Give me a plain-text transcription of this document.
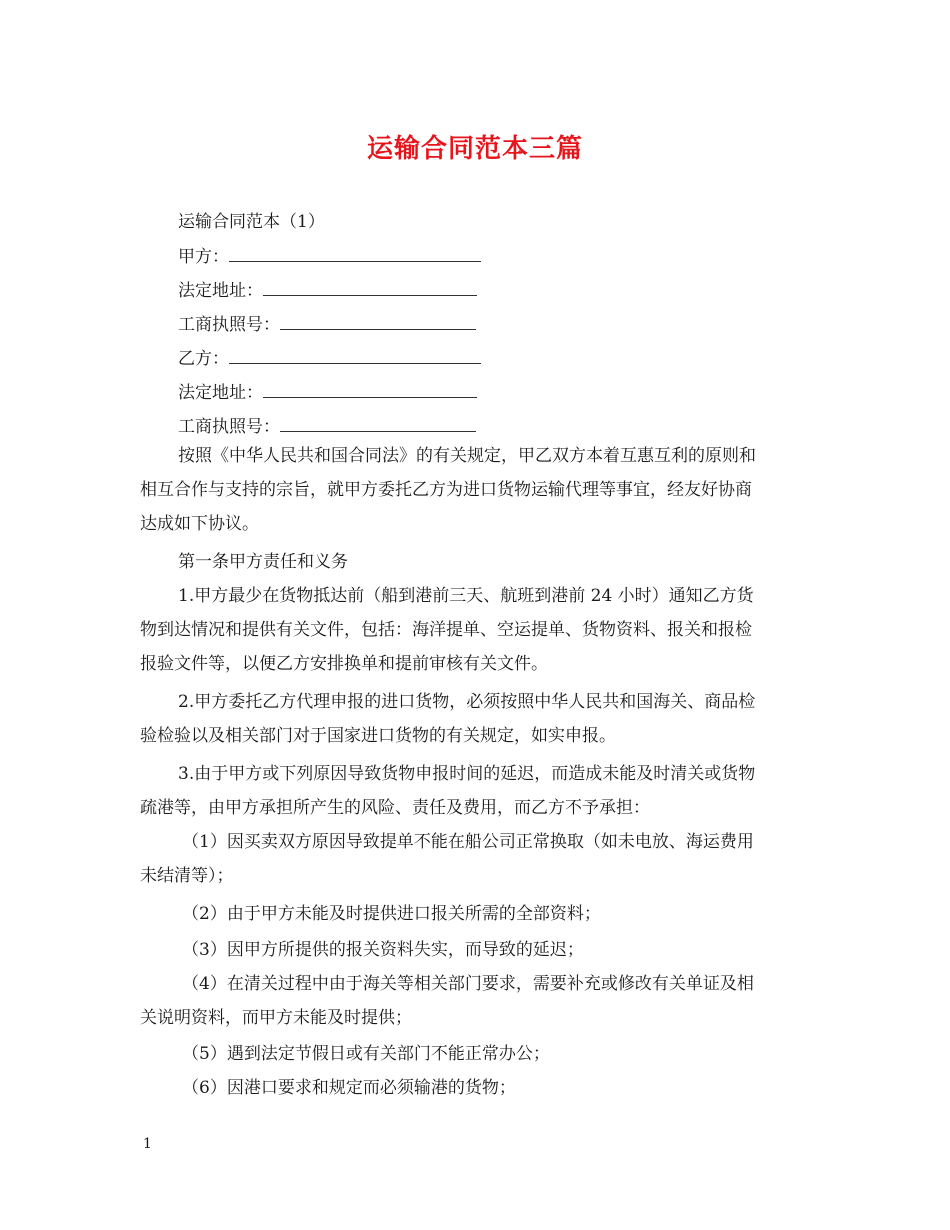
运输合同范本三篇
运输合同范本（1）
甲方：
法定地址：
工商执照号：
乙方：
法定地址：
工商执照号：
按照《中华人民共和国合同法》的有关规定，甲乙双方本着互惠互利的原则和
相互合作与支持的宗旨，就甲方委托乙方为进口货物运输代理等事宜，经友好协商
达成如下协议。
第一条甲方责任和义务
1.甲方最少在货物抵达前（船到港前三天、航班到港前 24 小时）通知乙方货
物到达情况和提供有关文件，包括：海洋提单、空运提单、货物资料、报关和报检
报验文件等，以便乙方安排换单和提前审核有关文件。
2.甲方委托乙方代理申报的进口货物，必须按照中华人民共和国海关、商品检
验检验以及相关部门对于国家进口货物的有关规定，如实申报。
3.由于甲方或下列原因导致货物申报时间的延迟，而造成未能及时清关或货物
疏港等，由甲方承担所产生的风险、责任及费用，而乙方不予承担：
（1）因买卖双方原因导致提单不能在船公司正常换取（如未电放、海运费用
未结清等）；
（2）由于甲方未能及时提供进口报关所需的全部资料；
（3）因甲方所提供的报关资料失实，而导致的延迟；
（4）在清关过程中由于海关等相关部门要求，需要补充或修改有关单证及相
关说明资料，而甲方未能及时提供；
（5）遇到法定节假日或有关部门不能正常办公；
（6）因港口要求和规定而必须输港的货物；
1
